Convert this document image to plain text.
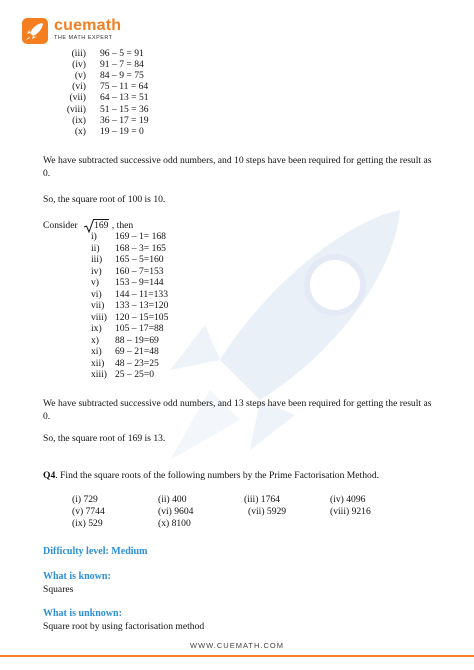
cuemath
THE MATH EXPERT
(iii) 96 – 5 = 91
(iv) 91 – 7 = 84
(v) 84 – 9 = 75
(vi) 75 – 11 = 64
(vii) 64 – 13 = 51
(viii) 51 – 15 = 36
(ix) 36 – 17 = 19
(x) 19 – 19 = 0
We have subtracted successive odd numbers, and 10 steps have been required for getting the result as 0.
So, the square root of 100 is 10.
Consider 169 , then
i) 169 – 1= 168
ii) 168 – 3= 165
iii) 165 – 5=160
iv) 160 – 7=153
v) 153 – 9=144
vi) 144 – 11=133
vii) 133 – 13=120
viii) 120 – 15=105
ix) 105 – 17=88
x) 88 – 19=69
xi) 69 – 21=48
xii) 48 – 23=25
xiii) 25 – 25=0
We have subtracted successive odd numbers, and 13 steps have been required for getting the result as 0.
So, the square root of 169 is 13.
Q4. Find the square roots of the following numbers by the Prime Factorisation Method.
(i) 729	(ii) 400	(iii) 1764	(iv) 4096
(v) 7744	(vi) 9604	(vii) 5929	(viii) 9216
(ix) 529	(x) 8100
Difficulty level: Medium
What is known:
Squares
What is unknown:
Square root by using factorisation method
WWW.CUEMATH.COM
